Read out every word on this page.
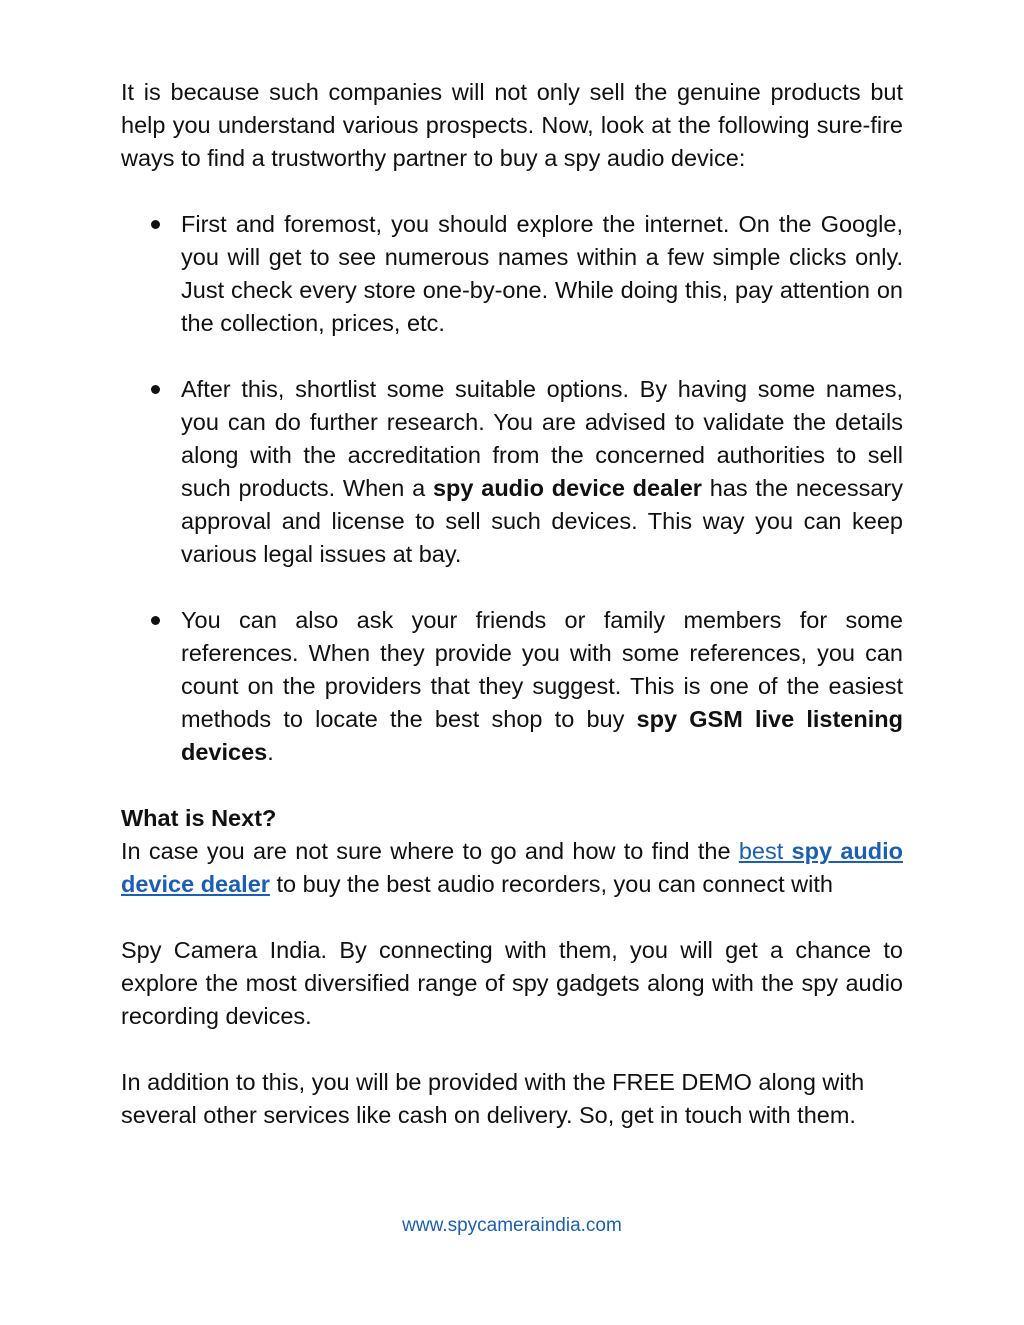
It is because such companies will not only sell the genuine products but help you understand various prospects. Now, look at the following sure-fire ways to find a trustworthy partner to buy a spy audio device:

First and foremost, you should explore the internet. On the Google, you will get to see numerous names within a few simple clicks only. Just check every store one-by-one. While doing this, pay attention on the collection, prices, etc.
After this, shortlist some suitable options. By having some names, you can do further research. You are advised to validate the details along with the accreditation from the concerned authorities to sell such products. When a spy audio device dealer has the necessary approval and license to sell such devices. This way you can keep various legal issues at bay.
You can also ask your friends or family members for some references. When they provide you with some references, you can count on the providers that they suggest. This is one of the easiest methods to locate the best shop to buy spy GSM live listening devices.

What is Next?

In case you are not sure where to go and how to find the best spy audio device dealer to buy the best audio recorders, you can connect with

Spy Camera India. By connecting with them, you will get a chance to explore the most diversified range of spy gadgets along with the spy audio recording devices.

In addition to this, you will be provided with the FREE DEMO along with several other services like cash on delivery. So, get in touch with them.

www.spycameraindia.com
